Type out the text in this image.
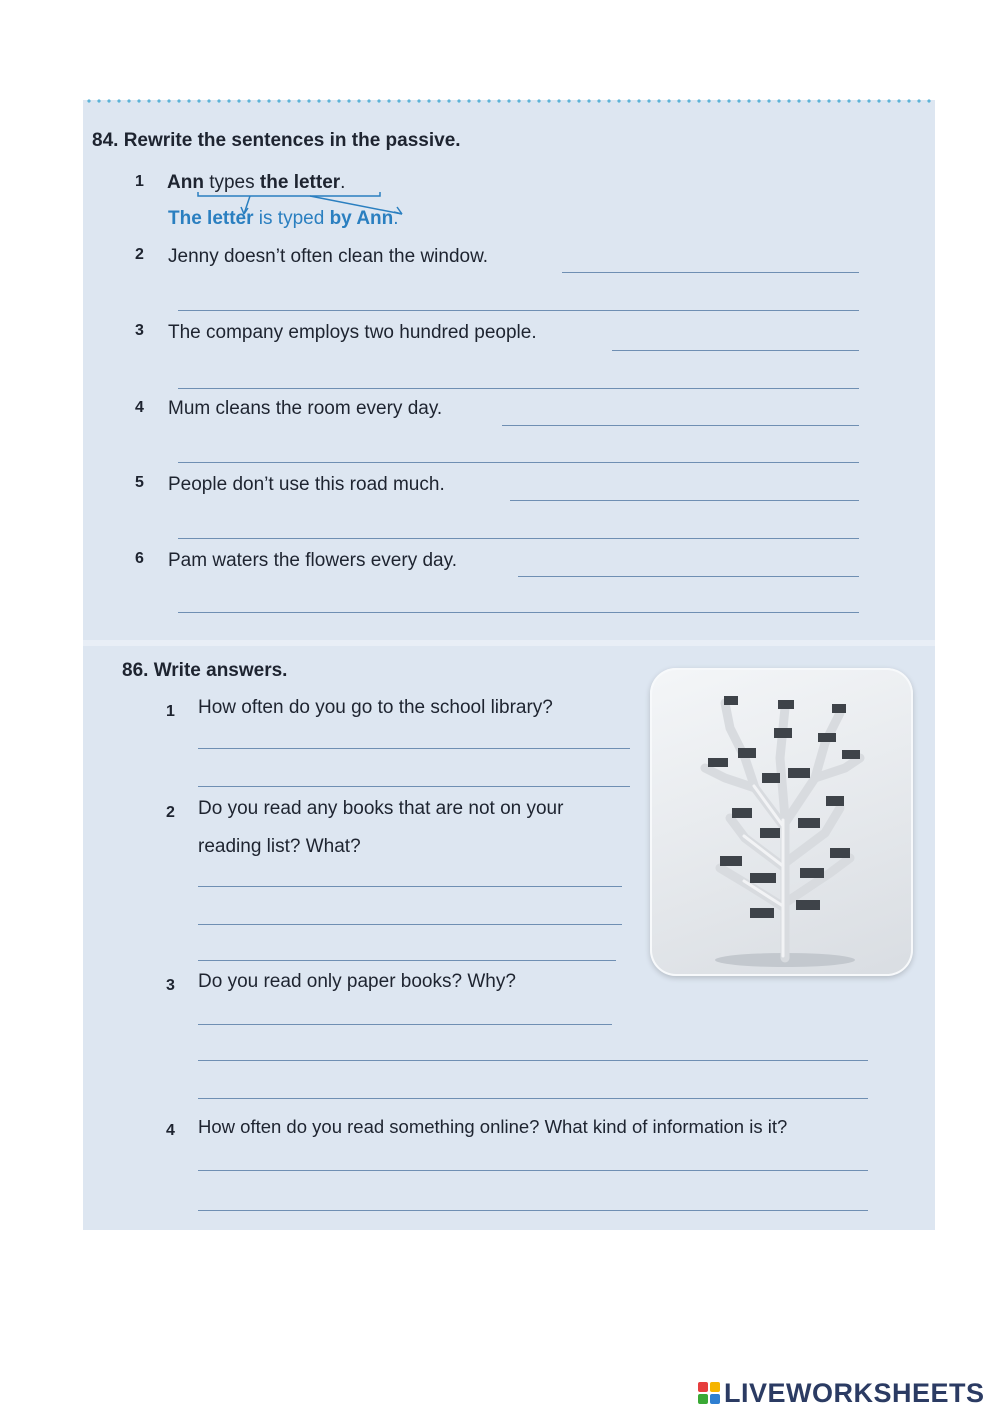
84. Rewrite the sentences in the passive.
1 Ann types the letter.
The letter is typed by Ann.
2 Jenny doesn’t often clean the window.
3 The company employs two hundred people.
4 Mum cleans the room every day.
5 People don’t use this road much.
6 Pam waters the flowers every day.
86. Write answers.
1 How often do you go to the school library?
2 Do you read any books that are not on your
reading list? What?
3 Do you read only paper books? Why?
4 How often do you read something online? What kind of information is it?
LIVEWORKSHEETS
